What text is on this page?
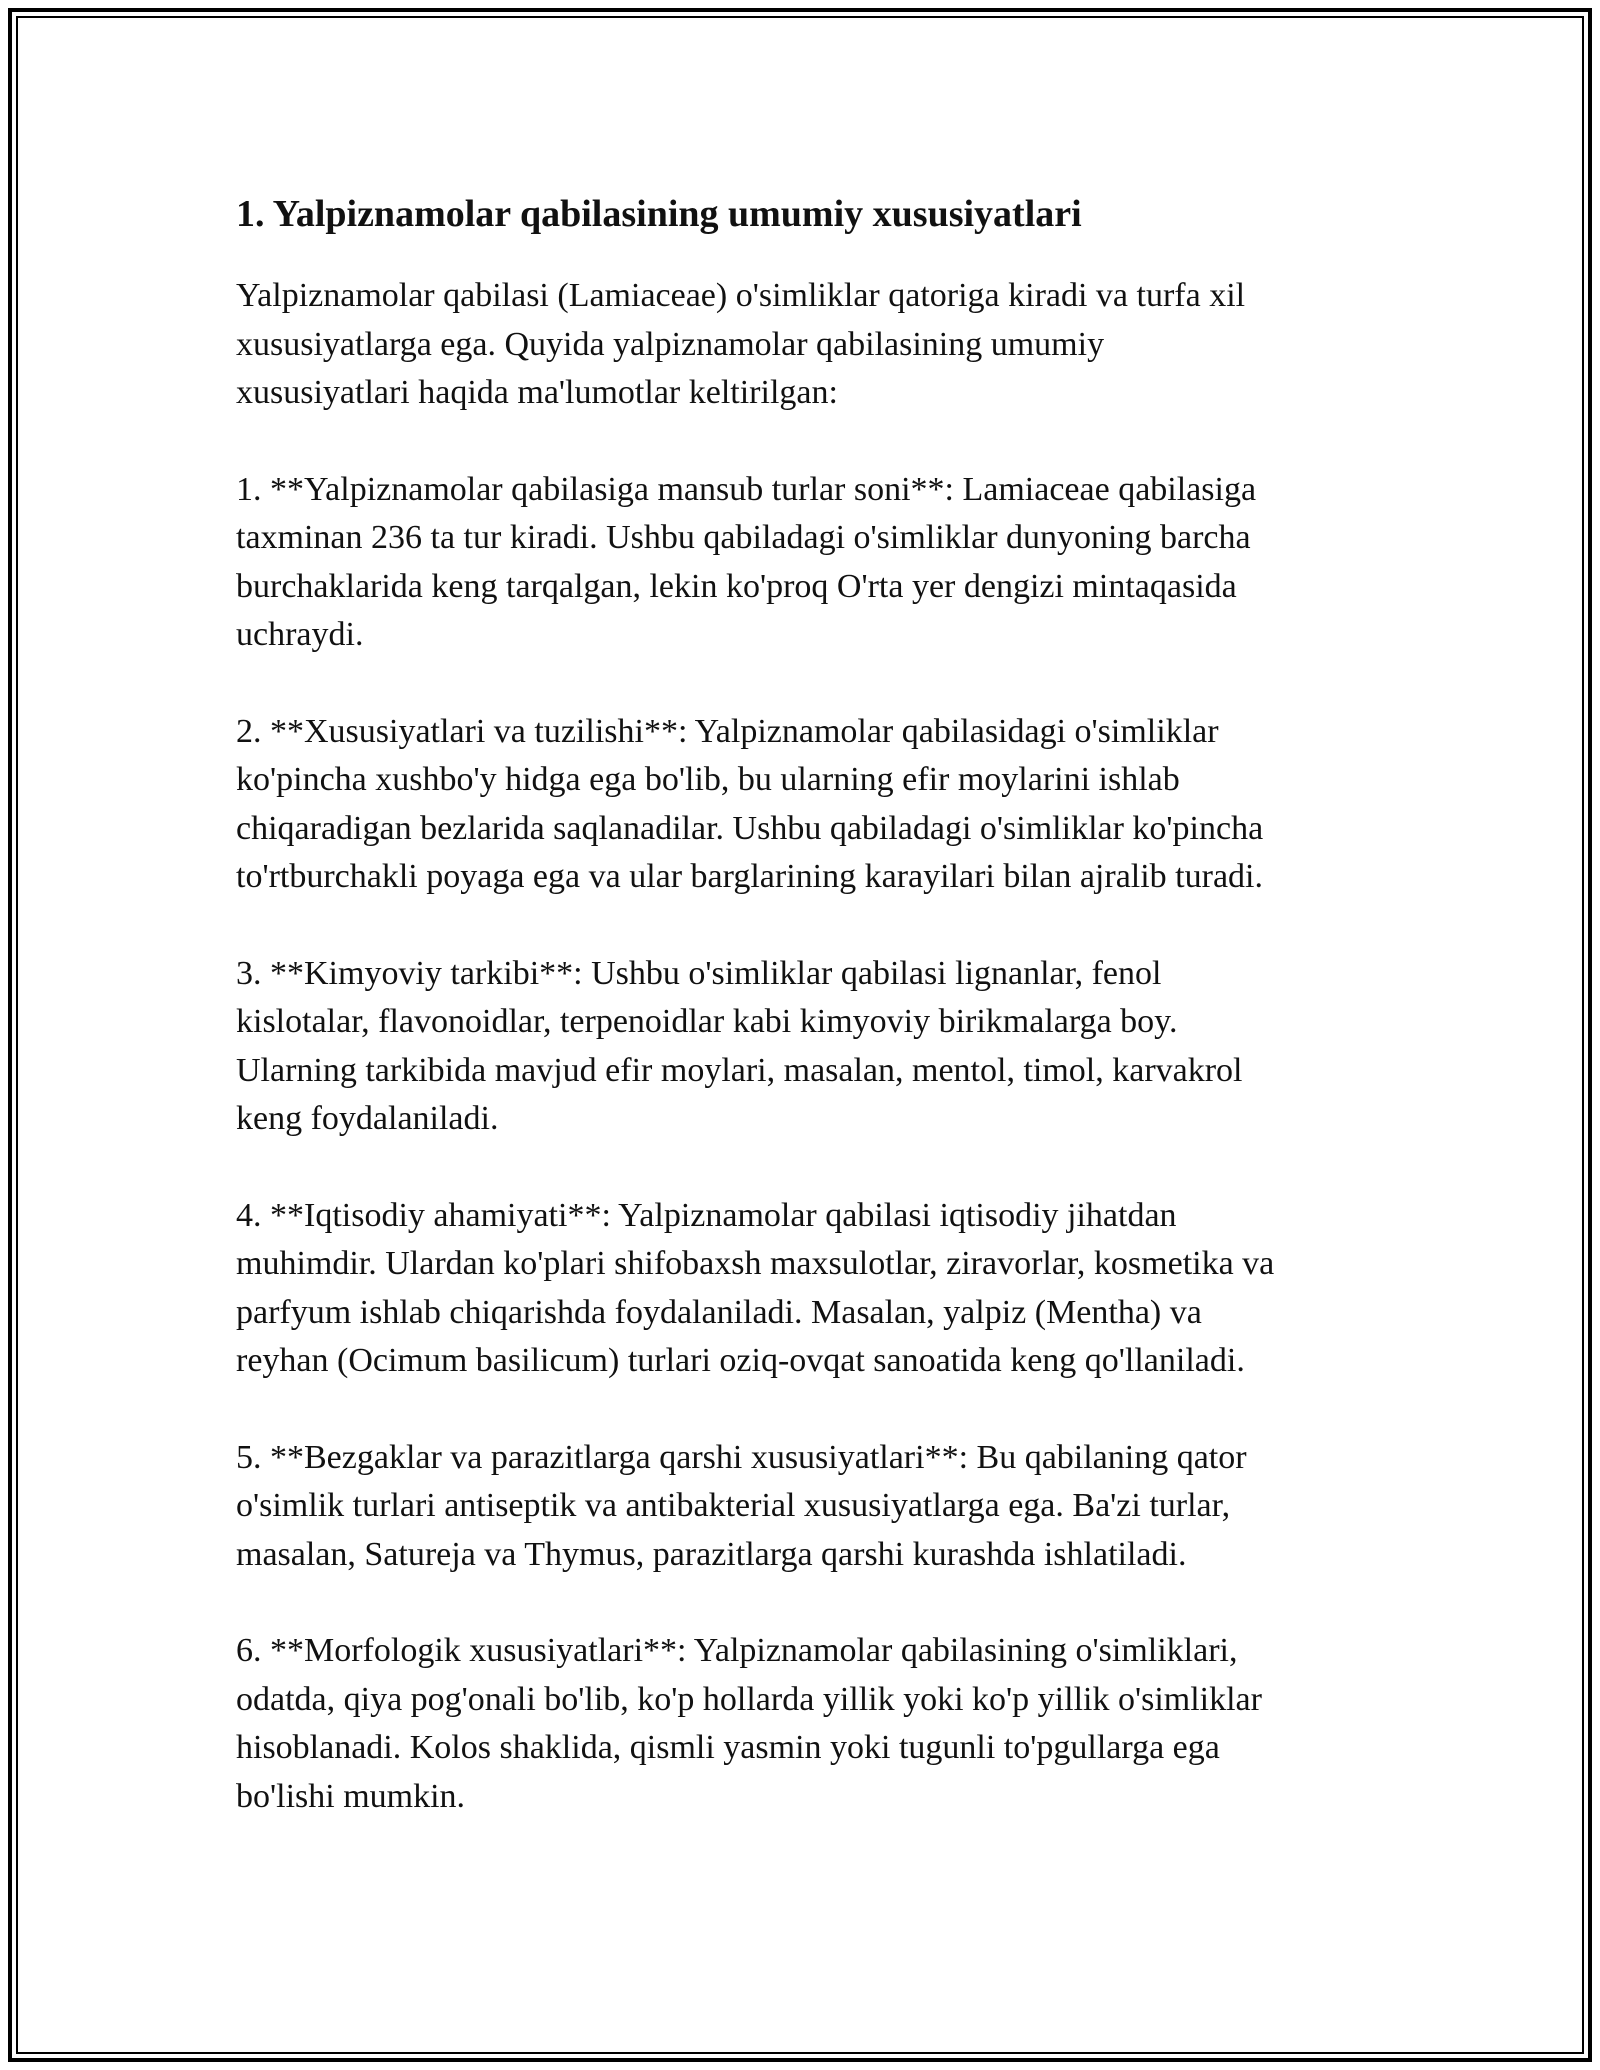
1. Yalpiznamolar qabilasining umumiy xususiyatlari

Yalpiznamolar qabilasi (Lamiaceae) o'simliklar qatoriga kiradi va turfa xil
xususiyatlarga ega. Quyida yalpiznamolar qabilasining umumiy
xususiyatlari haqida ma'lumotlar keltirilgan:

1. **Yalpiznamolar qabilasiga mansub turlar soni**: Lamiaceae qabilasiga
taxminan 236 ta tur kiradi. Ushbu qabiladagi o'simliklar dunyoning barcha
burchaklarida keng tarqalgan, lekin ko'proq O'rta yer dengizi mintaqasida
uchraydi.

2. **Xususiyatlari va tuzilishi**: Yalpiznamolar qabilasidagi o'simliklar
ko'pincha xushbo'y hidga ega bo'lib, bu ularning efir moylarini ishlab
chiqaradigan bezlarida saqlanadilar. Ushbu qabiladagi o'simliklar ko'pincha
to'rtburchakli poyaga ega va ular barglarining karayilari bilan ajralib turadi.

3. **Kimyoviy tarkibi**: Ushbu o'simliklar qabilasi lignanlar, fenol
kislotalar, flavonoidlar, terpenoidlar kabi kimyoviy birikmalarga boy.
Ularning tarkibida mavjud efir moylari, masalan, mentol, timol, karvakrol
keng foydalaniladi.

4. **Iqtisodiy ahamiyati**: Yalpiznamolar qabilasi iqtisodiy jihatdan
muhimdir. Ulardan ko'plari shifobaxsh maxsulotlar, ziravorlar, kosmetika va
parfyum ishlab chiqarishda foydalaniladi. Masalan, yalpiz (Mentha) va
reyhan (Ocimum basilicum) turlari oziq-ovqat sanoatida keng qo'llaniladi.

5. **Bezgaklar va parazitlarga qarshi xususiyatlari**: Bu qabilaning qator
o'simlik turlari antiseptik va antibakterial xususiyatlarga ega. Ba'zi turlar,
masalan, Satureja va Thymus, parazitlarga qarshi kurashda ishlatiladi.

6. **Morfologik xususiyatlari**: Yalpiznamolar qabilasining o'simliklari,
odatda, qiya pog'onali bo'lib, ko'p hollarda yillik yoki ko'p yillik o'simliklar
hisoblanadi. Kolos shaklida, qismli yasmin yoki tugunli to'pgullarga ega
bo'lishi mumkin.
